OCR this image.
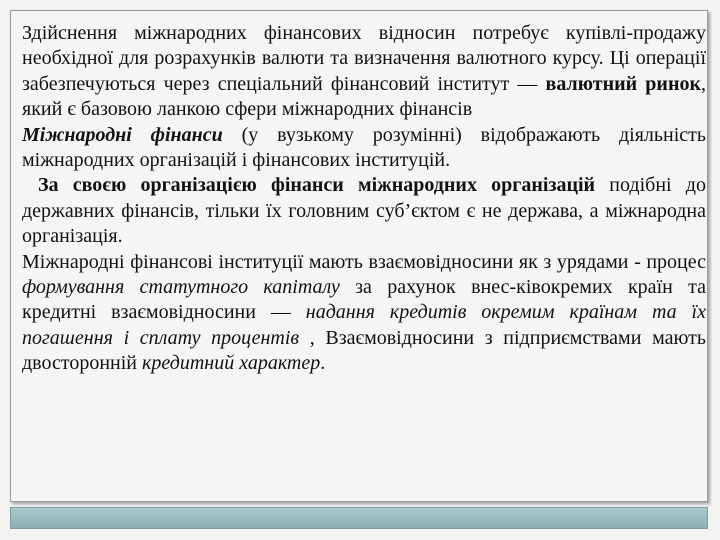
Здійснення міжнародних фінансових відносин потребує купівлі-продажу необхідної для розрахунків валюти та визначення валютного курсу. Ці операції забезпечуються через спеціальний фінансовий інститут — валютний ринок, який є базовою ланкою сфери міжнародних фінансів

Міжнародні фінанси (у вузькому розумінні) відображають діяльність міжнародних організацій і фінансових інституцій.

За своєю організацією фінанси міжнародних організацій подібні до державних фінансів, тільки їх головним суб’єктом є не держава, а міжнародна організація.

Міжнародні фінансові інституції мають взаємовідносини як з урядами - процес формування статутного капіталу за рахунок внес-ківокремих країн та кредитні взаємовідносини — надання кредитів окремим країнам та їх погашення і сплату процентів , Взаємовідносини з підприємствами мають двосторонній кредитний характер.
